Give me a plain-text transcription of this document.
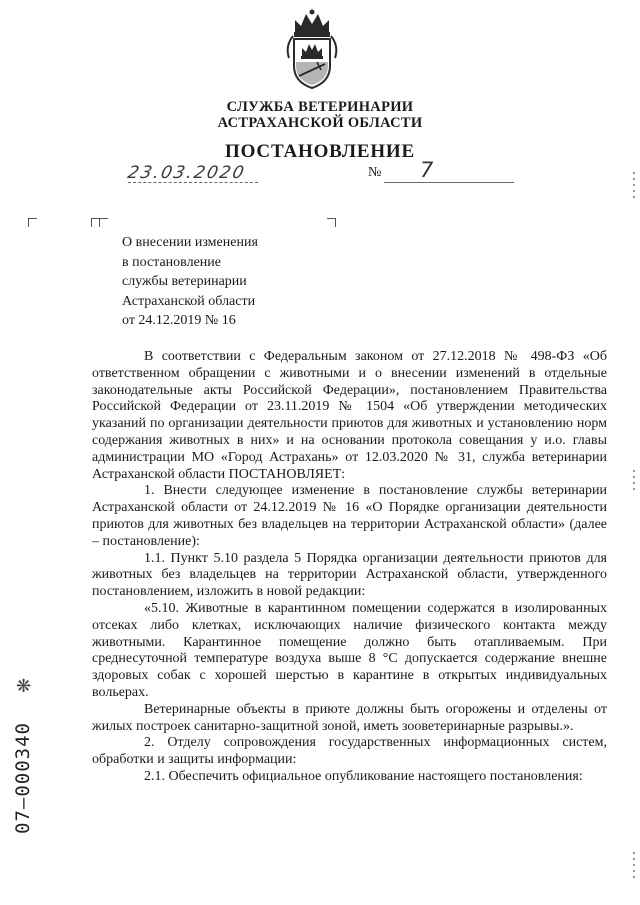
СЛУЖБА ВЕТЕРИНАРИИ
АСТРАХАНСКОЙ ОБЛАСТИ
ПОСТАНОВЛЕНИЕ
23.03.2020	№ 7
О внесении изменения
в постановление
службы ветеринарии
Астраханской области
от 24.12.2019 № 16

В соответствии с Федеральным законом от 27.12.2018 № 498-ФЗ «Об ответственном обращении с животными и о внесении изменений в отдельные законодательные акты Российской Федерации», постановлением Правительства Российской Федерации от 23.11.2019 № 1504 «Об утверждении методических указаний по организации деятельности приютов для животных и установлению норм содержания животных в них» и на основании протокола совещания у и.о. главы администрации МО «Город Астрахань» от 12.03.2020 № 31, служба ветеринарии Астраханской области ПОСТАНОВЛЯЕТ:

1. Внести следующее изменение в постановление службы ветеринарии Астраханской области от 24.12.2019 № 16 «О Порядке организации деятельности приютов для животных без владельцев на территории Астраханской области» (далее – постановление):

1.1. Пункт 5.10 раздела 5 Порядка организации деятельности приютов для животных без владельцев на территории Астраханской области, утвержденного постановлением, изложить в новой редакции:

«5.10. Животные в карантинном помещении содержатся в изолированных отсеках либо клетках, исключающих наличие физического контакта между животными. Карантинное помещение должно быть отапливаемым. При среднесуточной температуре воздуха выше 8 °С допускается содержание внешне здоровых собак с хорошей шерстью в карантине в открытых индивидуальных вольерах.

Ветеринарные объекты в приюте должны быть огорожены и отделены от жилых построек санитарно-защитной зоной, иметь зооветеринарные разрывы.».

2. Отделу сопровождения государственных информационных систем, обработки и защиты информации:

2.1. Обеспечить официальное опубликование настоящего постановления:

❋
07—000340
